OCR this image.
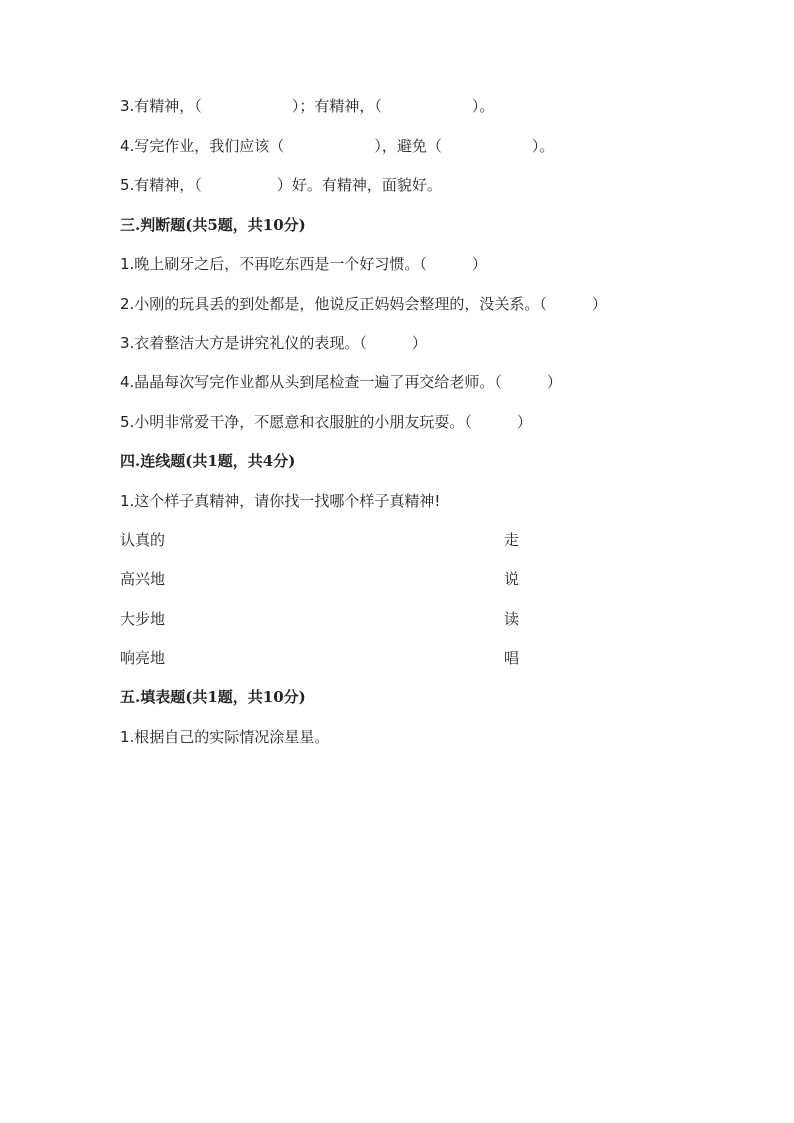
3.有精神，（　　　　　　）；有精神，（　　　　　　）。
4.写完作业，我们应该（　　　　　　），避免（　　　　　　）。
5.有精神，（　　　　　）好。有精神，面貌好。
三.判断题(共5题，共10分)
1.晚上刷牙之后，不再吃东西是一个好习惯。（　　　）
2.小刚的玩具丢的到处都是，他说反正妈妈会整理的，没关系。（　　　）
3.衣着整洁大方是讲究礼仪的表现。（　　　）
4.晶晶每次写完作业都从头到尾检查一遍了再交给老师。（　　　）
5.小明非常爱干净，不愿意和衣服脏的小朋友玩耍。（　　　）
四.连线题(共1题，共4分)
1.这个样子真精神，请你找一找哪个样子真精神!
认真的	走
高兴地	说
大步地	读
响亮地	唱
五.填表题(共1题，共10分)
1.根据自己的实际情况涂星星。
